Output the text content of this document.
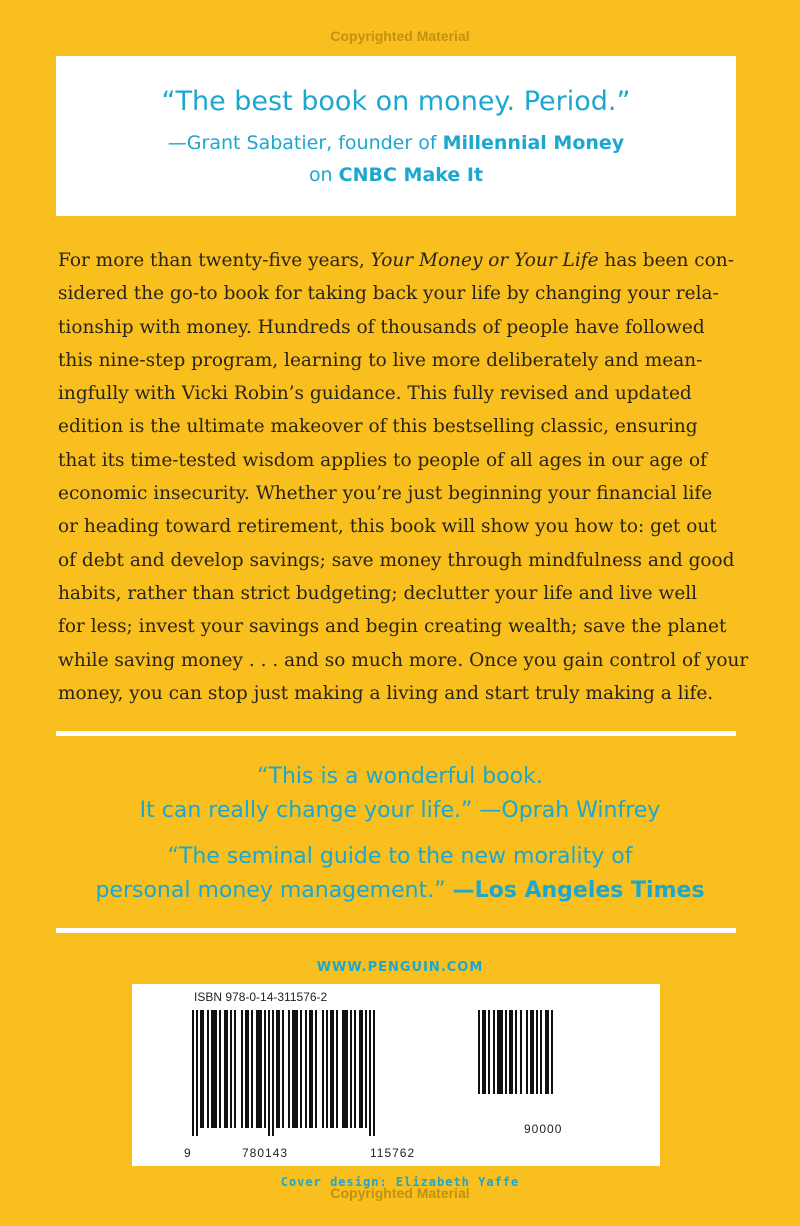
Copyrighted Material
“The best book on money. Period.”
—Grant Sabatier, founder of Millennial Money
on CNBC Make It
For more than twenty-five years, Your Money or Your Life has been con-
sidered the go-to book for taking back your life by changing your rela-
tionship with money. Hundreds of thousands of people have followed
this nine-step program, learning to live more deliberately and mean-
ingfully with Vicki Robin’s guidance. This fully revised and updated
edition is the ultimate makeover of this bestselling classic, ensuring
that its time-tested wisdom applies to people of all ages in our age of
economic insecurity. Whether you’re just beginning your financial life
or heading toward retirement, this book will show you how to: get out
of debt and develop savings; save money through mindfulness and good
habits, rather than strict budgeting; declutter your life and live well
for less; invest your savings and begin creating wealth; save the planet
while saving money . . . and so much more. Once you gain control of your
money, you can stop just making a living and start truly making a life.
“This is a wonderful book.
It can really change your life.” —Oprah Winfrey
“The seminal guide to the new morality of
personal money management.” —Los Angeles Times
WWW.PENGUIN.COM
ISBN 978-0-14-311576-2
9	780143	115762
90000
Cover design: Elizabeth Yaffe
Copyrighted Material
